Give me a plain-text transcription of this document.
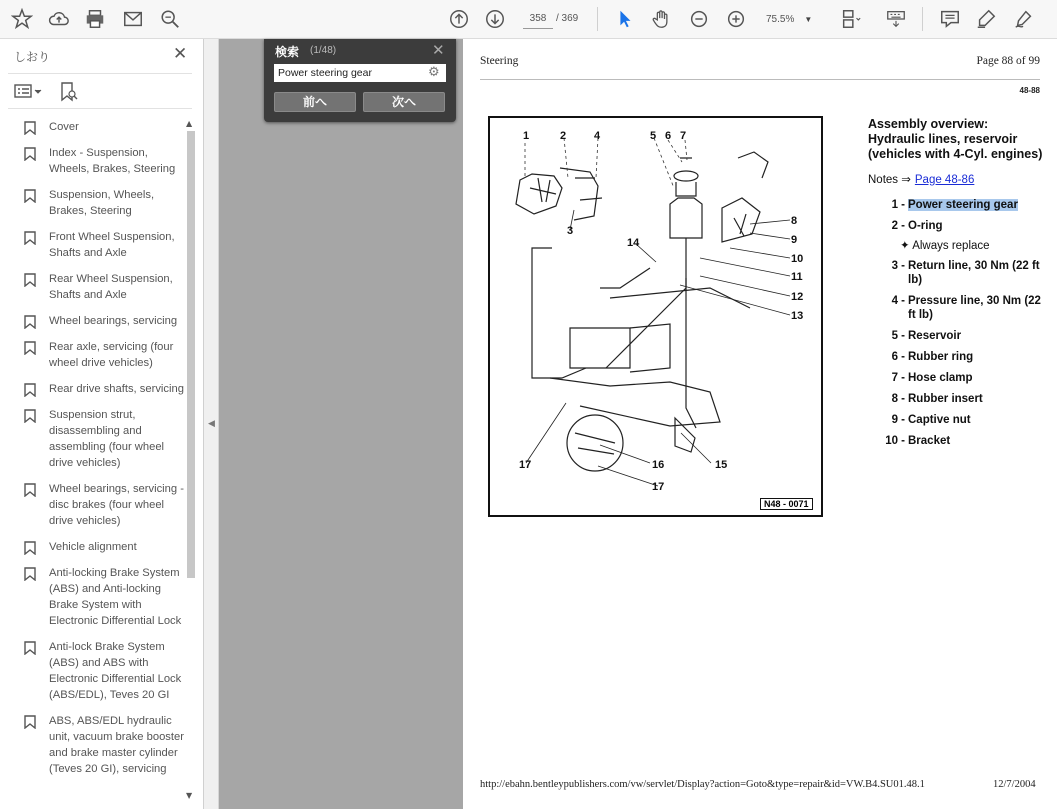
358
/ 369	75.5% ▼
しおり	✕
Cover
Index - Suspension, Wheels, Brakes, Steering
Suspension, Wheels, Brakes, Steering
Front Wheel Suspension, Shafts and Axle
Rear Wheel Suspension, Shafts and Axle
Wheel bearings, servicing
Rear axle, servicing (four wheel drive vehicles)
Rear drive shafts, servicing
Suspension strut, disassembling and assembling (four wheel drive vehicles)
Wheel bearings, servicing - disc brakes (four wheel drive vehicles)
Vehicle alignment
Anti-locking Brake System (ABS) and Anti-locking Brake System with Electronic Differential Lock
Anti-lock Brake System (ABS) and ABS with Electronic Differential Lock (ABS/EDL), Teves 20 GI
ABS, ABS/EDL hydraulic unit, vacuum brake booster and brake master cylinder (Teves 20 GI), servicing
▲
▼
◀
Steering	Page 88 of 99
48-88
1	2	4	5 6 7
3
8
9
10
11
12
13
14
17	16
17
15
N48 - 0071
Assembly overview: Hydraulic lines, reservoir (vehicles with 4-Cyl. engines)
Notes ⇒ Page 48-86
1 - Power steering gear
2 - O-ring
✦ Always replace
3 - Return line, 30 Nm (22 ft lb)
4 - Pressure line, 30 Nm (22 ft lb)
5 - Reservoir
6 - Rubber ring
7 - Hose clamp
8 - Rubber insert
9 - Captive nut
10 - Bracket
http://ebahn.bentleypublishers.com/vw/servlet/Display?action=Goto&type=repair&id=VW.B4.SU01.48.1	12/7/2004
検索 (1/48)	✕
Power steering gear
⚙
前へ	次へ
